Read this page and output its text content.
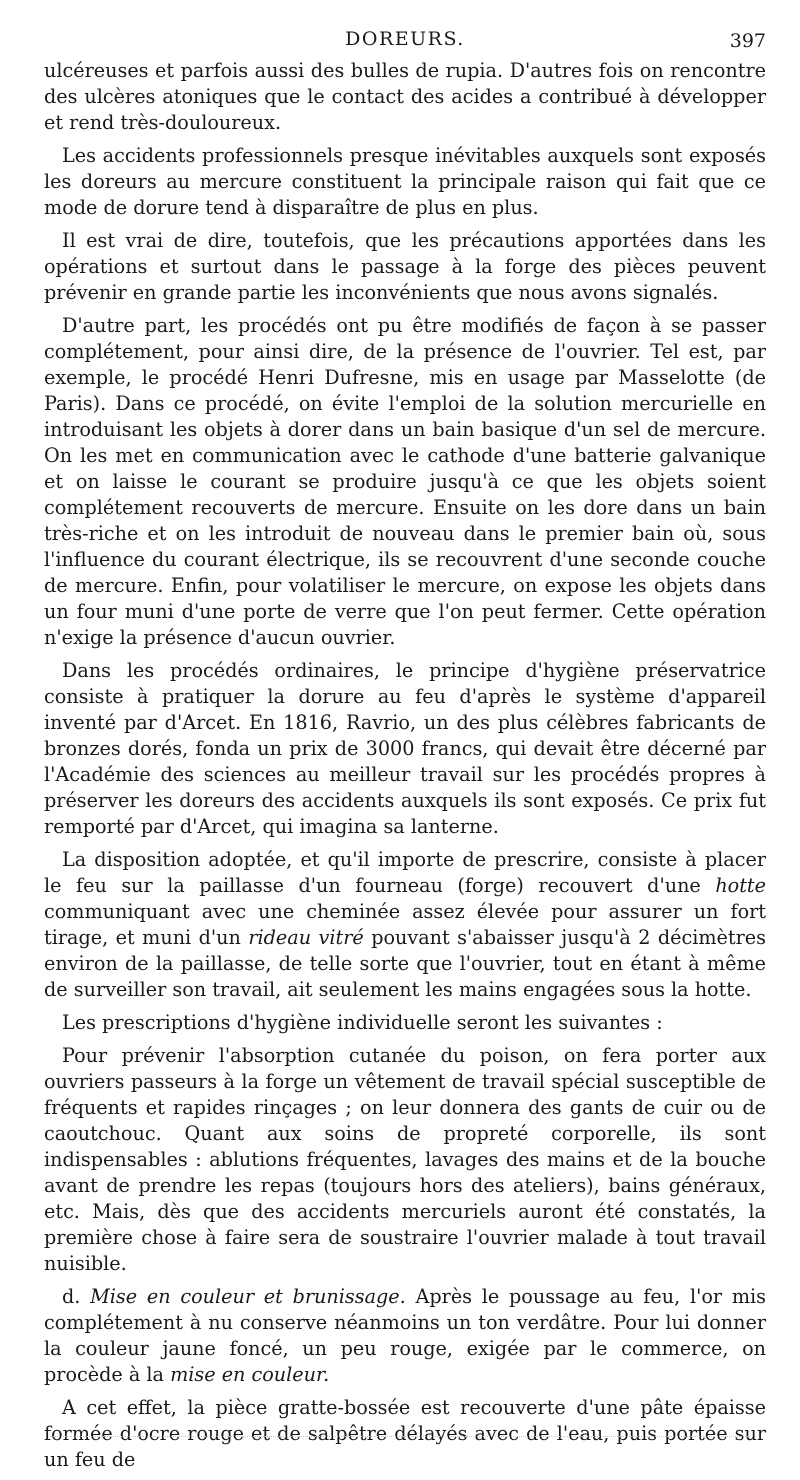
DOREURS.	397

ulcéreuses et parfois aussi des bulles de rupia. D'autres fois on rencontre des ulcères atoniques que le contact des acides a contribué à développer et rend très-douloureux.

Les accidents professionnels presque inévitables auxquels sont exposés les doreurs au mercure constituent la principale raison qui fait que ce mode de dorure tend à disparaître de plus en plus.

Il est vrai de dire, toutefois, que les précautions apportées dans les opérations et surtout dans le passage à la forge des pièces peuvent prévenir en grande partie les inconvénients que nous avons signalés.

D'autre part, les procédés ont pu être modifiés de façon à se passer complétement, pour ainsi dire, de la présence de l'ouvrier. Tel est, par exemple, le procédé Henri Dufresne, mis en usage par Masselotte (de Paris). Dans ce procédé, on évite l'emploi de la solution mercurielle en introduisant les objets à dorer dans un bain basique d'un sel de mercure. On les met en communication avec le cathode d'une batterie galvanique et on laisse le courant se produire jusqu'à ce que les objets soient complétement recouverts de mercure. Ensuite on les dore dans un bain très-riche et on les introduit de nouveau dans le premier bain où, sous l'influence du courant électrique, ils se recouvrent d'une seconde couche de mercure. Enfin, pour volatiliser le mercure, on expose les objets dans un four muni d'une porte de verre que l'on peut fermer. Cette opération n'exige la présence d'aucun ouvrier.

Dans les procédés ordinaires, le principe d'hygiène préservatrice consiste à pratiquer la dorure au feu d'après le système d'appareil inventé par d'Arcet. En 1816, Ravrio, un des plus célèbres fabricants de bronzes dorés, fonda un prix de 3000 francs, qui devait être décerné par l'Académie des sciences au meilleur travail sur les procédés propres à préserver les doreurs des accidents auxquels ils sont exposés. Ce prix fut remporté par d'Arcet, qui imagina sa lanterne.

La disposition adoptée, et qu'il importe de prescrire, consiste à placer le feu sur la paillasse d'un fourneau (forge) recouvert d'une hotte communiquant avec une cheminée assez élevée pour assurer un fort tirage, et muni d'un rideau vitré pouvant s'abaisser jusqu'à 2 décimètres environ de la paillasse, de telle sorte que l'ouvrier, tout en étant à même de surveiller son travail, ait seulement les mains engagées sous la hotte.

Les prescriptions d'hygiène individuelle seront les suivantes :

Pour prévenir l'absorption cutanée du poison, on fera porter aux ouvriers passeurs à la forge un vêtement de travail spécial susceptible de fréquents et rapides rinçages ; on leur donnera des gants de cuir ou de caoutchouc. Quant aux soins de propreté corporelle, ils sont indispensables : ablutions fréquentes, lavages des mains et de la bouche avant de prendre les repas (toujours hors des ateliers), bains généraux, etc. Mais, dès que des accidents mercuriels auront été constatés, la première chose à faire sera de soustraire l'ouvrier malade à tout travail nuisible.

d. Mise en couleur et brunissage. Après le poussage au feu, l'or mis complétement à nu conserve néanmoins un ton verdâtre. Pour lui donner la couleur jaune foncé, un peu rouge, exigée par le commerce, on procède à la mise en couleur.

A cet effet, la pièce gratte-bossée est recouverte d'une pâte épaisse formée d'ocre rouge et de salpêtre délayés avec de l'eau, puis portée sur un feu de
